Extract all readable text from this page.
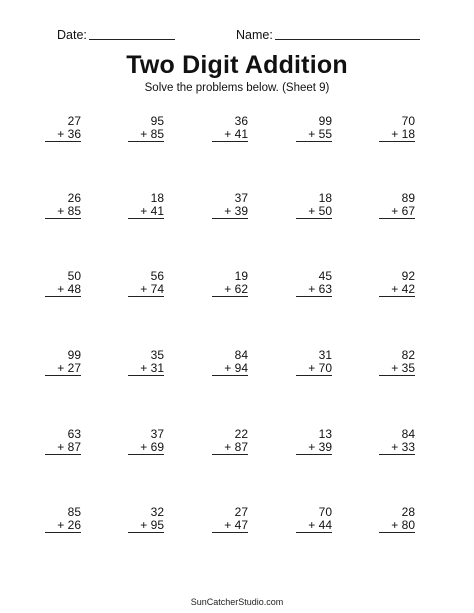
Date:	Name:
Two Digit Addition
Solve the problems below. (Sheet 9)
27
+ 36
95
+ 85
36
+ 41
99
+ 55
70
+ 18
26
+ 85
18
+ 41
37
+ 39
18
+ 50
89
+ 67
50
+ 48
56
+ 74
19
+ 62
45
+ 63
92
+ 42
99
+ 27
35
+ 31
84
+ 94
31
+ 70
82
+ 35
63
+ 87
37
+ 69
22
+ 87
13
+ 39
84
+ 33
85
+ 26
32
+ 95
27
+ 47
70
+ 44
28
+ 80
SunCatcherStudio.com
